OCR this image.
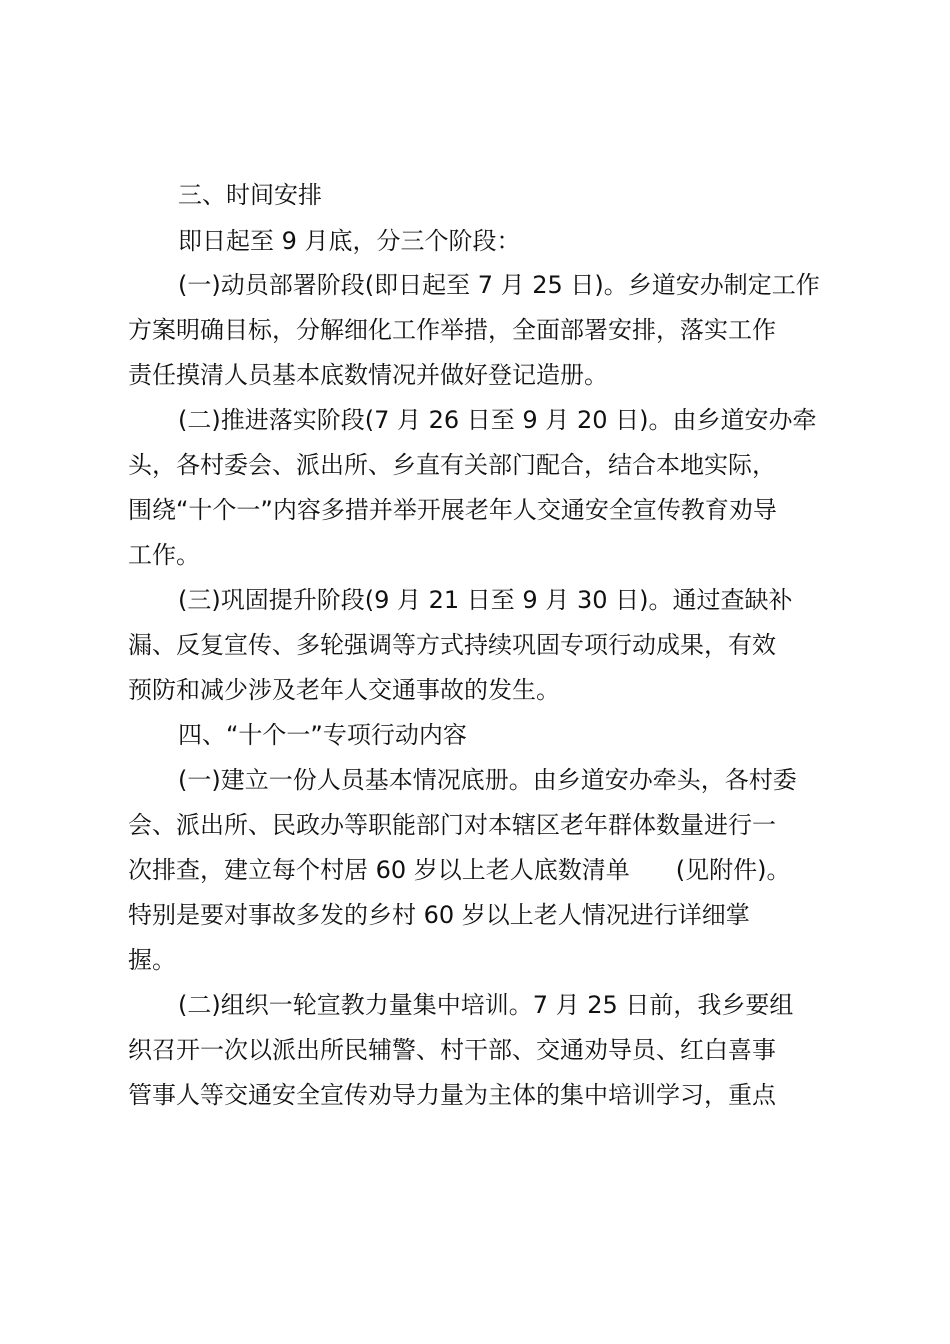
三、时间安排
即日起至 9 月底，分三个阶段：
(一)动员部署阶段(即日起至 7 月 25 日)。乡道安办制定工作
方案明确目标，分解细化工作举措，全面部署安排，落实工作
责任摸清人员基本底数情况并做好登记造册。
(二)推进落实阶段(7 月 26 日至 9 月 20 日)。由乡道安办牵
头，各村委会、派出所、乡直有关部门配合，结合本地实际，
围绕“十个一”内容多措并举开展老年人交通安全宣传教育劝导
工作。
(三)巩固提升阶段(9 月 21 日至 9 月 30 日)。通过查缺补
漏、反复宣传、多轮强调等方式持续巩固专项行动成果，有效
预防和减少涉及老年人交通事故的发生。
四、“十个一”专项行动内容
(一)建立一份人员基本情况底册。由乡道安办牵头，各村委
会、派出所、民政办等职能部门对本辖区老年群体数量进行一
次排查，建立每个村居 60 岁以上老人底数清单 (见附件)。
特别是要对事故多发的乡村 60 岁以上老人情况进行详细掌
握。
(二)组织一轮宣教力量集中培训。7 月 25 日前，我乡要组
织召开一次以派出所民辅警、村干部、交通劝导员、红白喜事
管事人等交通安全宣传劝导力量为主体的集中培训学习，重点
